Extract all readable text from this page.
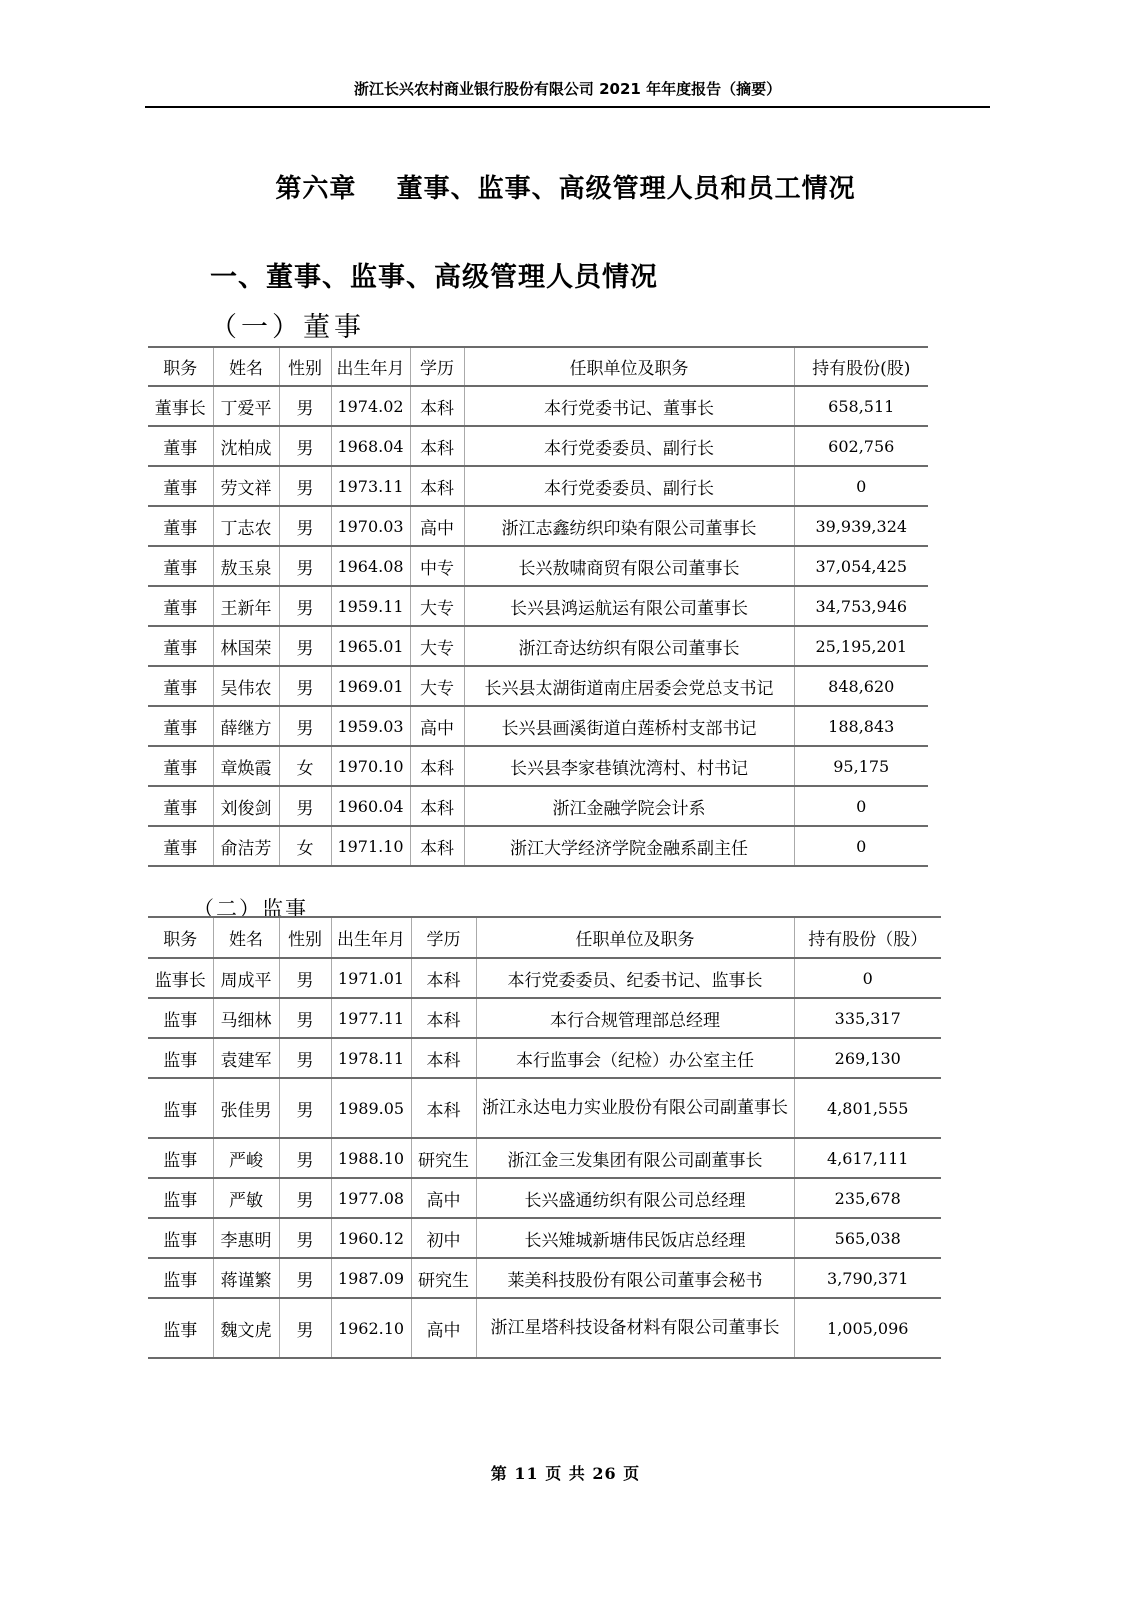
浙江长兴农村商业银行股份有限公司 2021 年年度报告（摘要）
第六章    董事、监事、高级管理人员和员工情况
一、董事、监事、高级管理人员情况
（一）董事
职务	姓名	性别	出生年月	学历	任职单位及职务	持有股份(股)
董事长	丁爱平	男	1974.02	本科	本行党委书记、董事长	658,511
董事	沈柏成	男	1968.04	本科	本行党委委员、副行长	602,756
董事	劳文祥	男	1973.11	本科	本行党委委员、副行长	0
董事	丁志农	男	1970.03	高中	浙江志鑫纺织印染有限公司董事长	39,939,324
董事	敖玉泉	男	1964.08	中专	长兴敖啸商贸有限公司董事长	37,054,425
董事	王新年	男	1959.11	大专	长兴县鸿运航运有限公司董事长	34,753,946
董事	林国荣	男	1965.01	大专	浙江奇达纺织有限公司董事长	25,195,201
董事	吴伟农	男	1969.01	大专	长兴县太湖街道南庄居委会党总支书记	848,620
董事	薛继方	男	1959.03	高中	长兴县画溪街道白莲桥村支部书记	188,843
董事	章焕霞	女	1970.10	本科	长兴县李家巷镇沈湾村、村书记	95,175
董事	刘俊剑	男	1960.04	本科	浙江金融学院会计系	0
董事	俞洁芳	女	1971.10	本科	浙江大学经济学院金融系副主任	0
（二）监事
职务	姓名	性别	出生年月	学历	任职单位及职务	持有股份（股）
监事长	周成平	男	1971.01	本科	本行党委委员、纪委书记、监事长	0
监事	马细林	男	1977.11	本科	本行合规管理部总经理	335,317
监事	袁建军	男	1978.11	本科	本行监事会（纪检）办公室主任	269,130
监事	张佳男	男	1989.05	本科	浙江永达电力实业股份有限公司副董事长	4,801,555
监事	严峻	男	1988.10	研究生	浙江金三发集团有限公司副董事长	4,617,111
监事	严敏	男	1977.08	高中	长兴盛通纺织有限公司总经理	235,678
监事	李惠明	男	1960.12	初中	长兴雉城新塘伟民饭店总经理	565,038
监事	蒋谨繁	男	1987.09	研究生	莱美科技股份有限公司董事会秘书	3,790,371
监事	魏文虎	男	1962.10	高中	浙江星塔科技设备材料有限公司董事长	1,005,096
第 11 页 共 26 页
